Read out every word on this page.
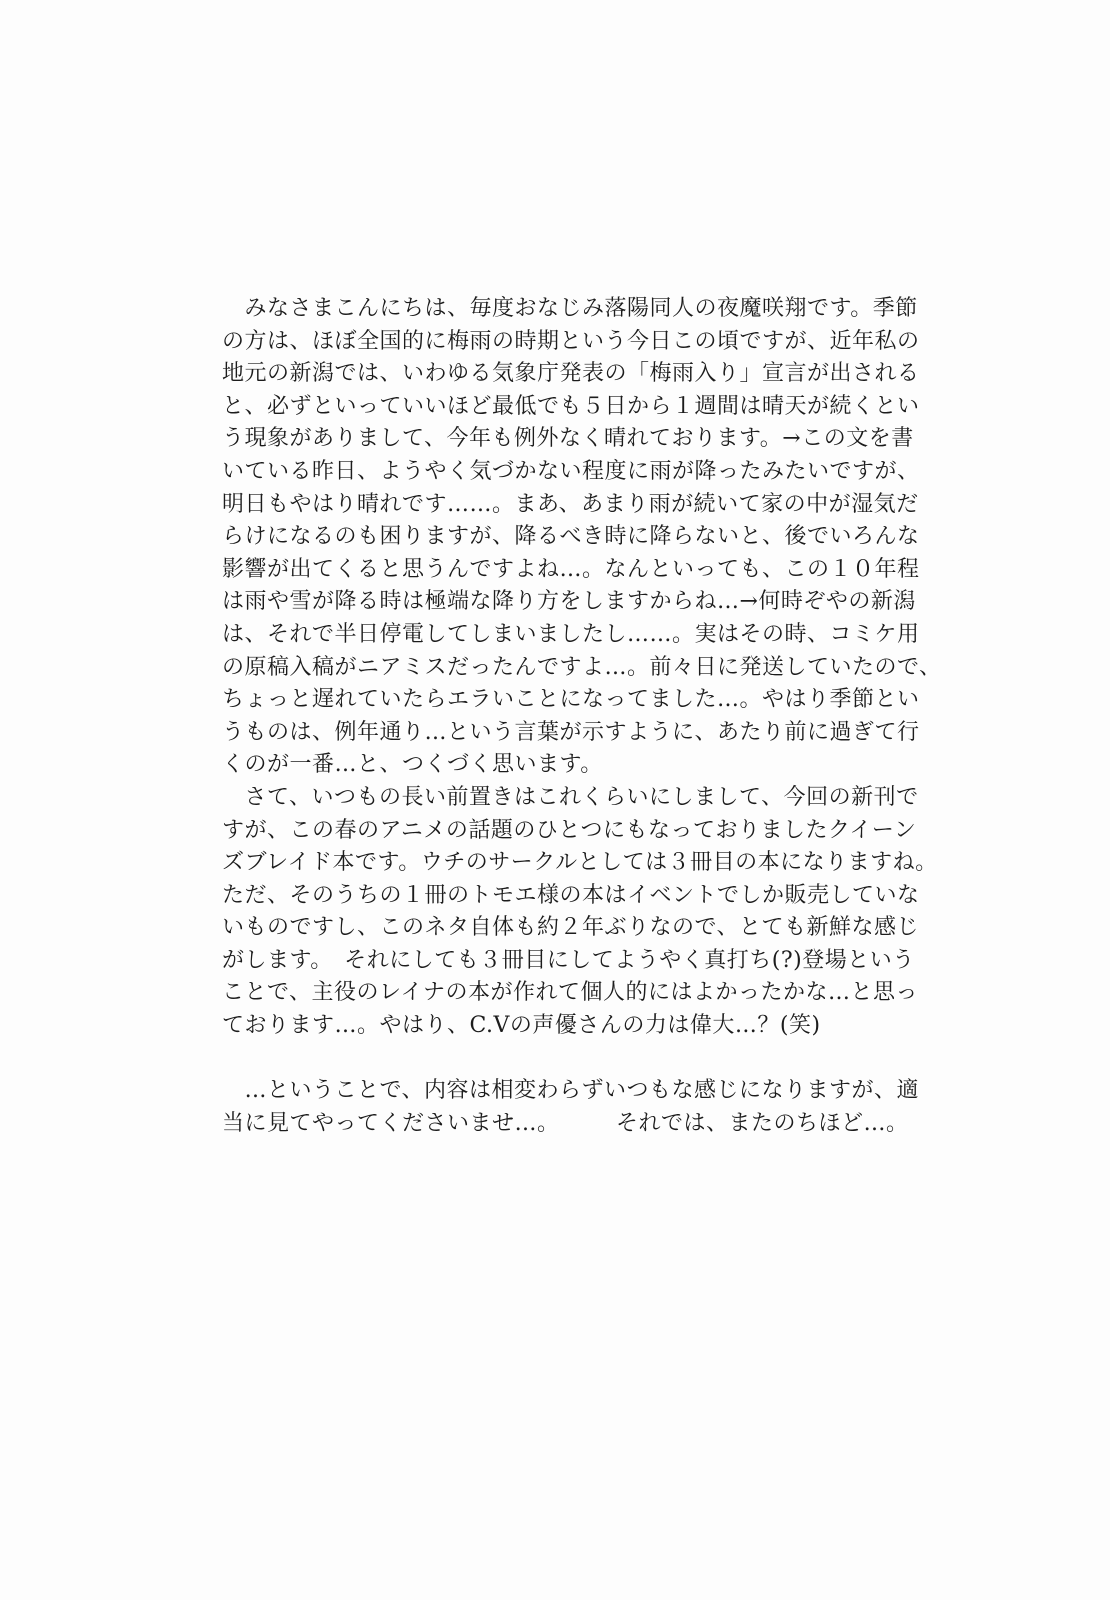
　みなさまこんにちは、毎度おなじみ落陽同人の夜魔咲翔です。季節
の方は、ほぼ全国的に梅雨の時期という今日この頃ですが、近年私の
地元の新潟では、いわゆる気象庁発表の「梅雨入り」宣言が出される
と、必ずといっていいほど最低でも５日から１週間は晴天が続くとい
う現象がありまして、今年も例外なく晴れております。→この文を書
いている昨日、ようやく気づかない程度に雨が降ったみたいですが、
明日もやはり晴れです……。まあ、あまり雨が続いて家の中が湿気だ
らけになるのも困りますが、降るべき時に降らないと、後でいろんな
影響が出てくると思うんですよね…。なんといっても、この１０年程
は雨や雪が降る時は極端な降り方をしますからね…→何時ぞやの新潟
は、それで半日停電してしまいましたし……。実はその時、コミケ用
の原稿入稿がニアミスだったんですよ…。前々日に発送していたので、
ちょっと遅れていたらエラいことになってました…。やはり季節とい
うものは、例年通り…という言葉が示すように、あたり前に過ぎて行
くのが一番…と、つくづく思います。
　さて、いつもの長い前置きはこれくらいにしまして、今回の新刊で
すが、この春のアニメの話題のひとつにもなっておりましたクイーン
ズブレイド本です。ウチのサークルとしては３冊目の本になりますね。
ただ、そのうちの１冊のトモエ様の本はイベントでしか販売していな
いものですし、このネタ自体も約２年ぶりなので、とても新鮮な感じ
がします。　それにしても３冊目にしてようやく真打ち(?)登場という
ことで、主役のレイナの本が作れて個人的にはよかったかな…と思っ
ております…。やはり、C.Vの声優さんの力は偉大…？(笑)
　…ということで、内容は相変わらずいつもな感じになりますが、適
当に見てやってくださいませ…。　　　それでは、またのちほど…。
